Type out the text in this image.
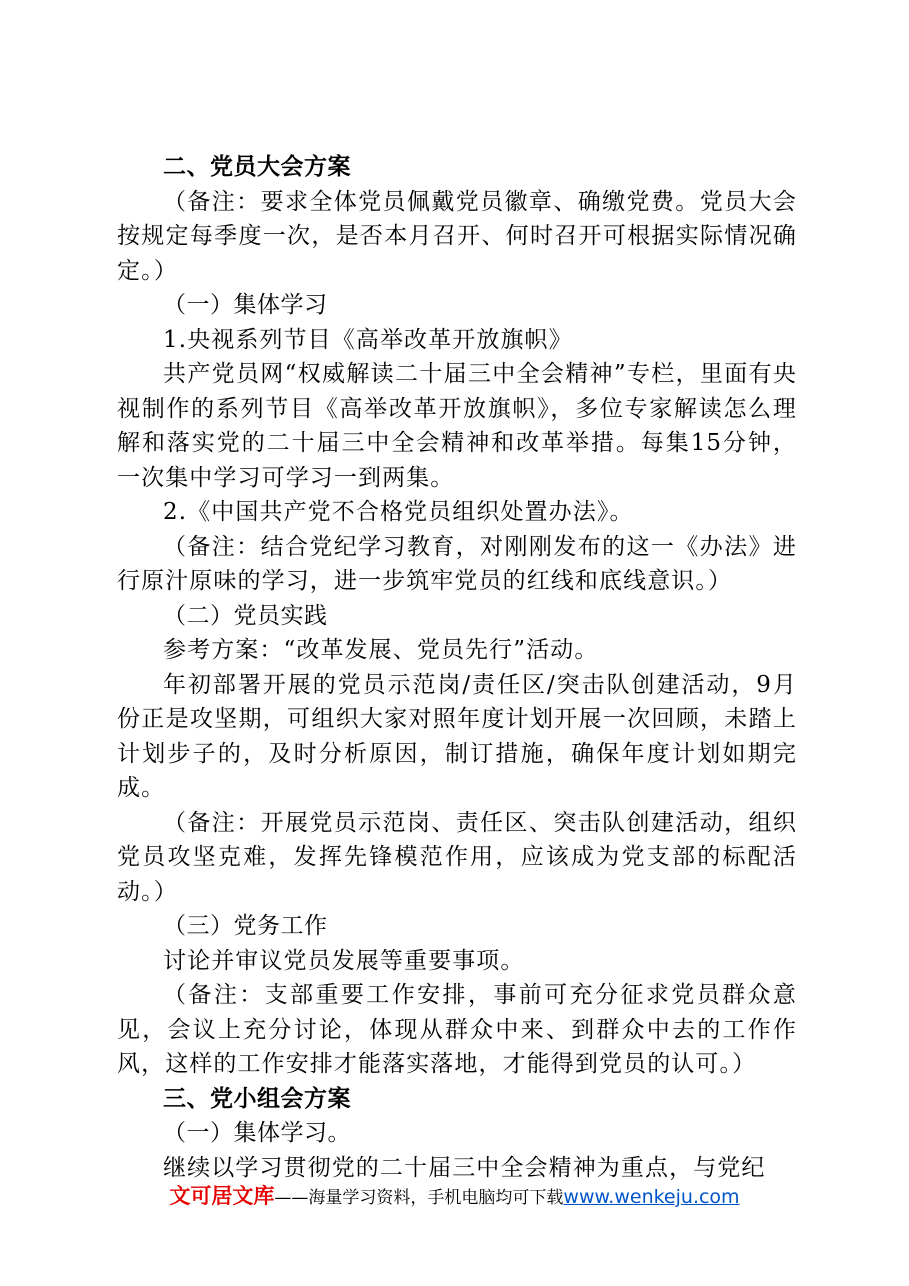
二、党员大会方案

（备注：要求全体党员佩戴党员徽章、确缴党费。党员大会按规定每季度一次，是否本月召开、何时召开可根据实际情况确定。）

（一）集体学习

1.央视系列节目《高举改革开放旗帜》

共产党员网“权威解读二十届三中全会精神”专栏，里面有央视制作的系列节目《高举改革开放旗帜》，多位专家解读怎么理解和落实党的二十届三中全会精神和改革举措。每集15分钟，一次集中学习可学习一到两集。

2.《中国共产党不合格党员组织处置办法》。

（备注：结合党纪学习教育，对刚刚发布的这一《办法》进行原汁原味的学习，进一步筑牢党员的红线和底线意识。）

（二）党员实践

参考方案：“改革发展、党员先行”活动。

年初部署开展的党员示范岗/责任区/突击队创建活动，9月份正是攻坚期，可组织大家对照年度计划开展一次回顾，未踏上计划步子的，及时分析原因，制订措施，确保年度计划如期完成。

（备注：开展党员示范岗、责任区、突击队创建活动，组织党员攻坚克难，发挥先锋模范作用，应该成为党支部的标配活动。）

（三）党务工作

讨论并审议党员发展等重要事项。

（备注：支部重要工作安排，事前可充分征求党员群众意见，会议上充分讨论，体现从群众中来、到群众中去的工作作风，这样的工作安排才能落实落地，才能得到党员的认可。）

三、党小组会方案

（一）集体学习。

继续以学习贯彻党的二十届三中全会精神为重点，与党纪

文可居文库——海量学习资料，手机电脑均可下载www.wenkeju.com
